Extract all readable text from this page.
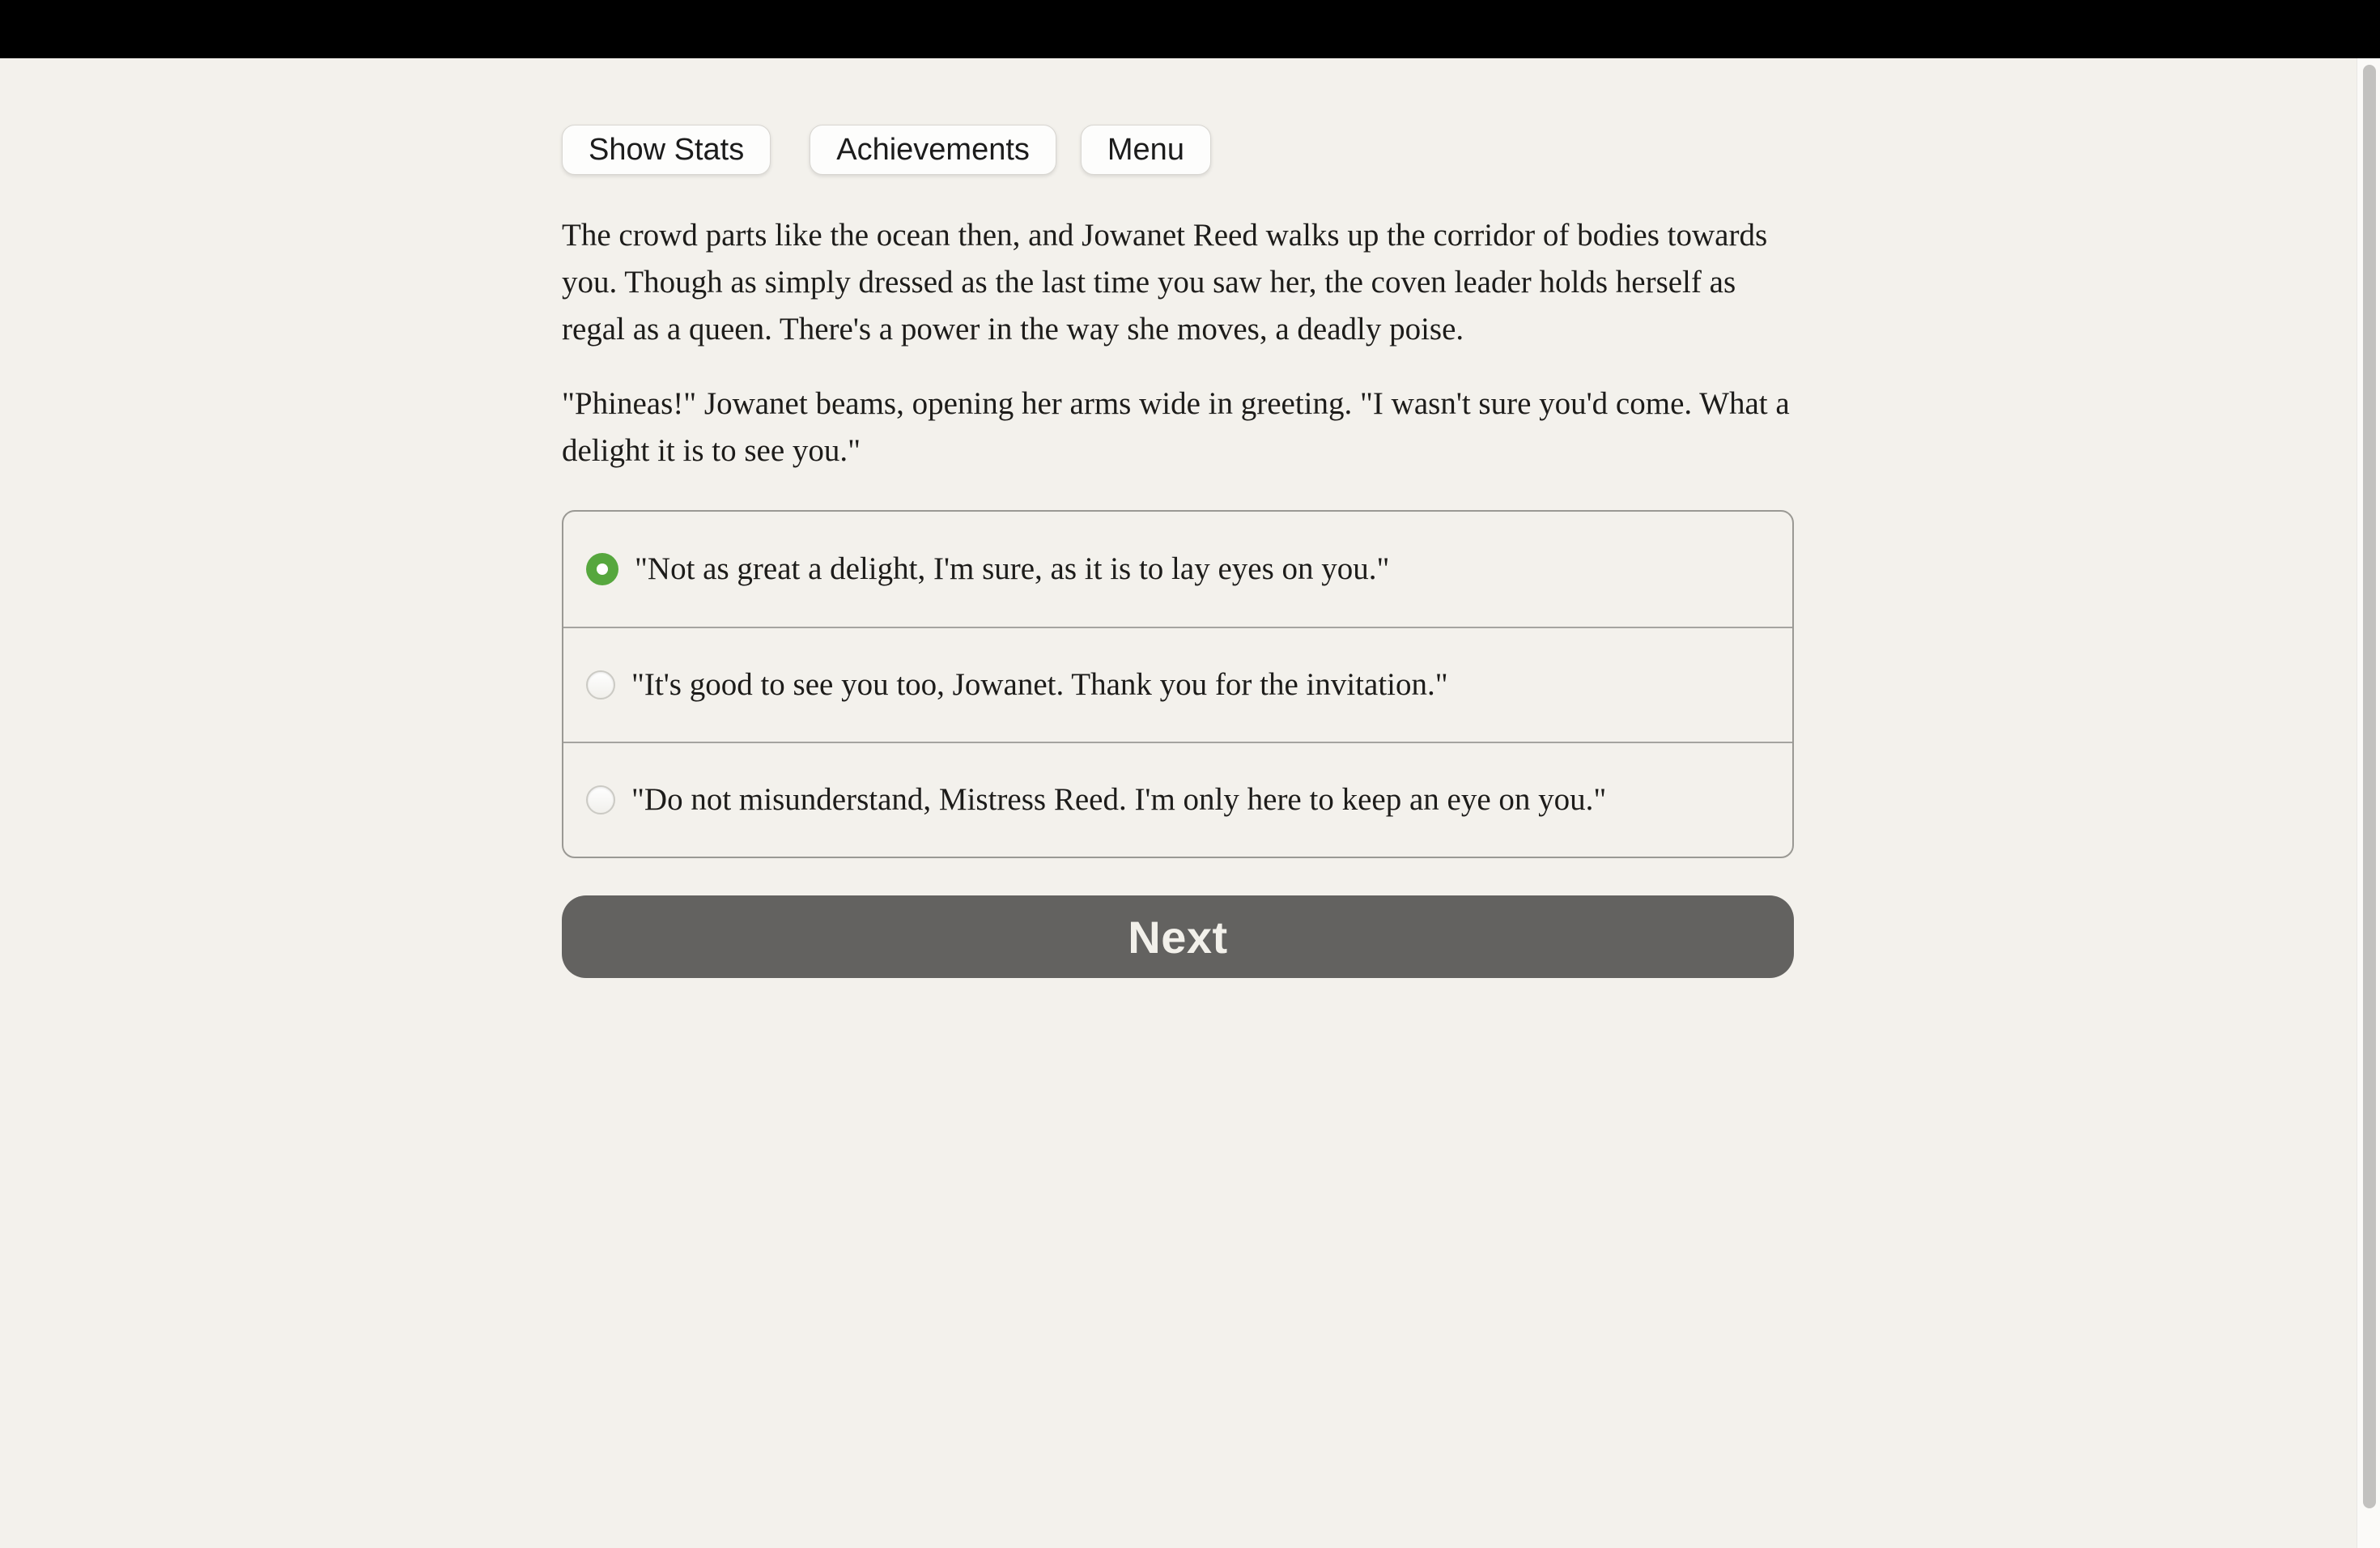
Show Stats	Achievements	Menu

The crowd parts like the ocean then, and Jowanet Reed walks up the corridor of bodies towards you. Though as simply dressed as the last time you saw her, the coven leader holds herself as regal as a queen. There's a power in the way she moves, a deadly poise.

"Phineas!" Jowanet beams, opening her arms wide in greeting. "I wasn't sure you'd come. What a delight it is to see you."

"Not as great a delight, I'm sure, as it is to lay eyes on you."
"It's good to see you too, Jowanet. Thank you for the invitation."
"Do not misunderstand, Mistress Reed. I'm only here to keep an eye on you."
Next
